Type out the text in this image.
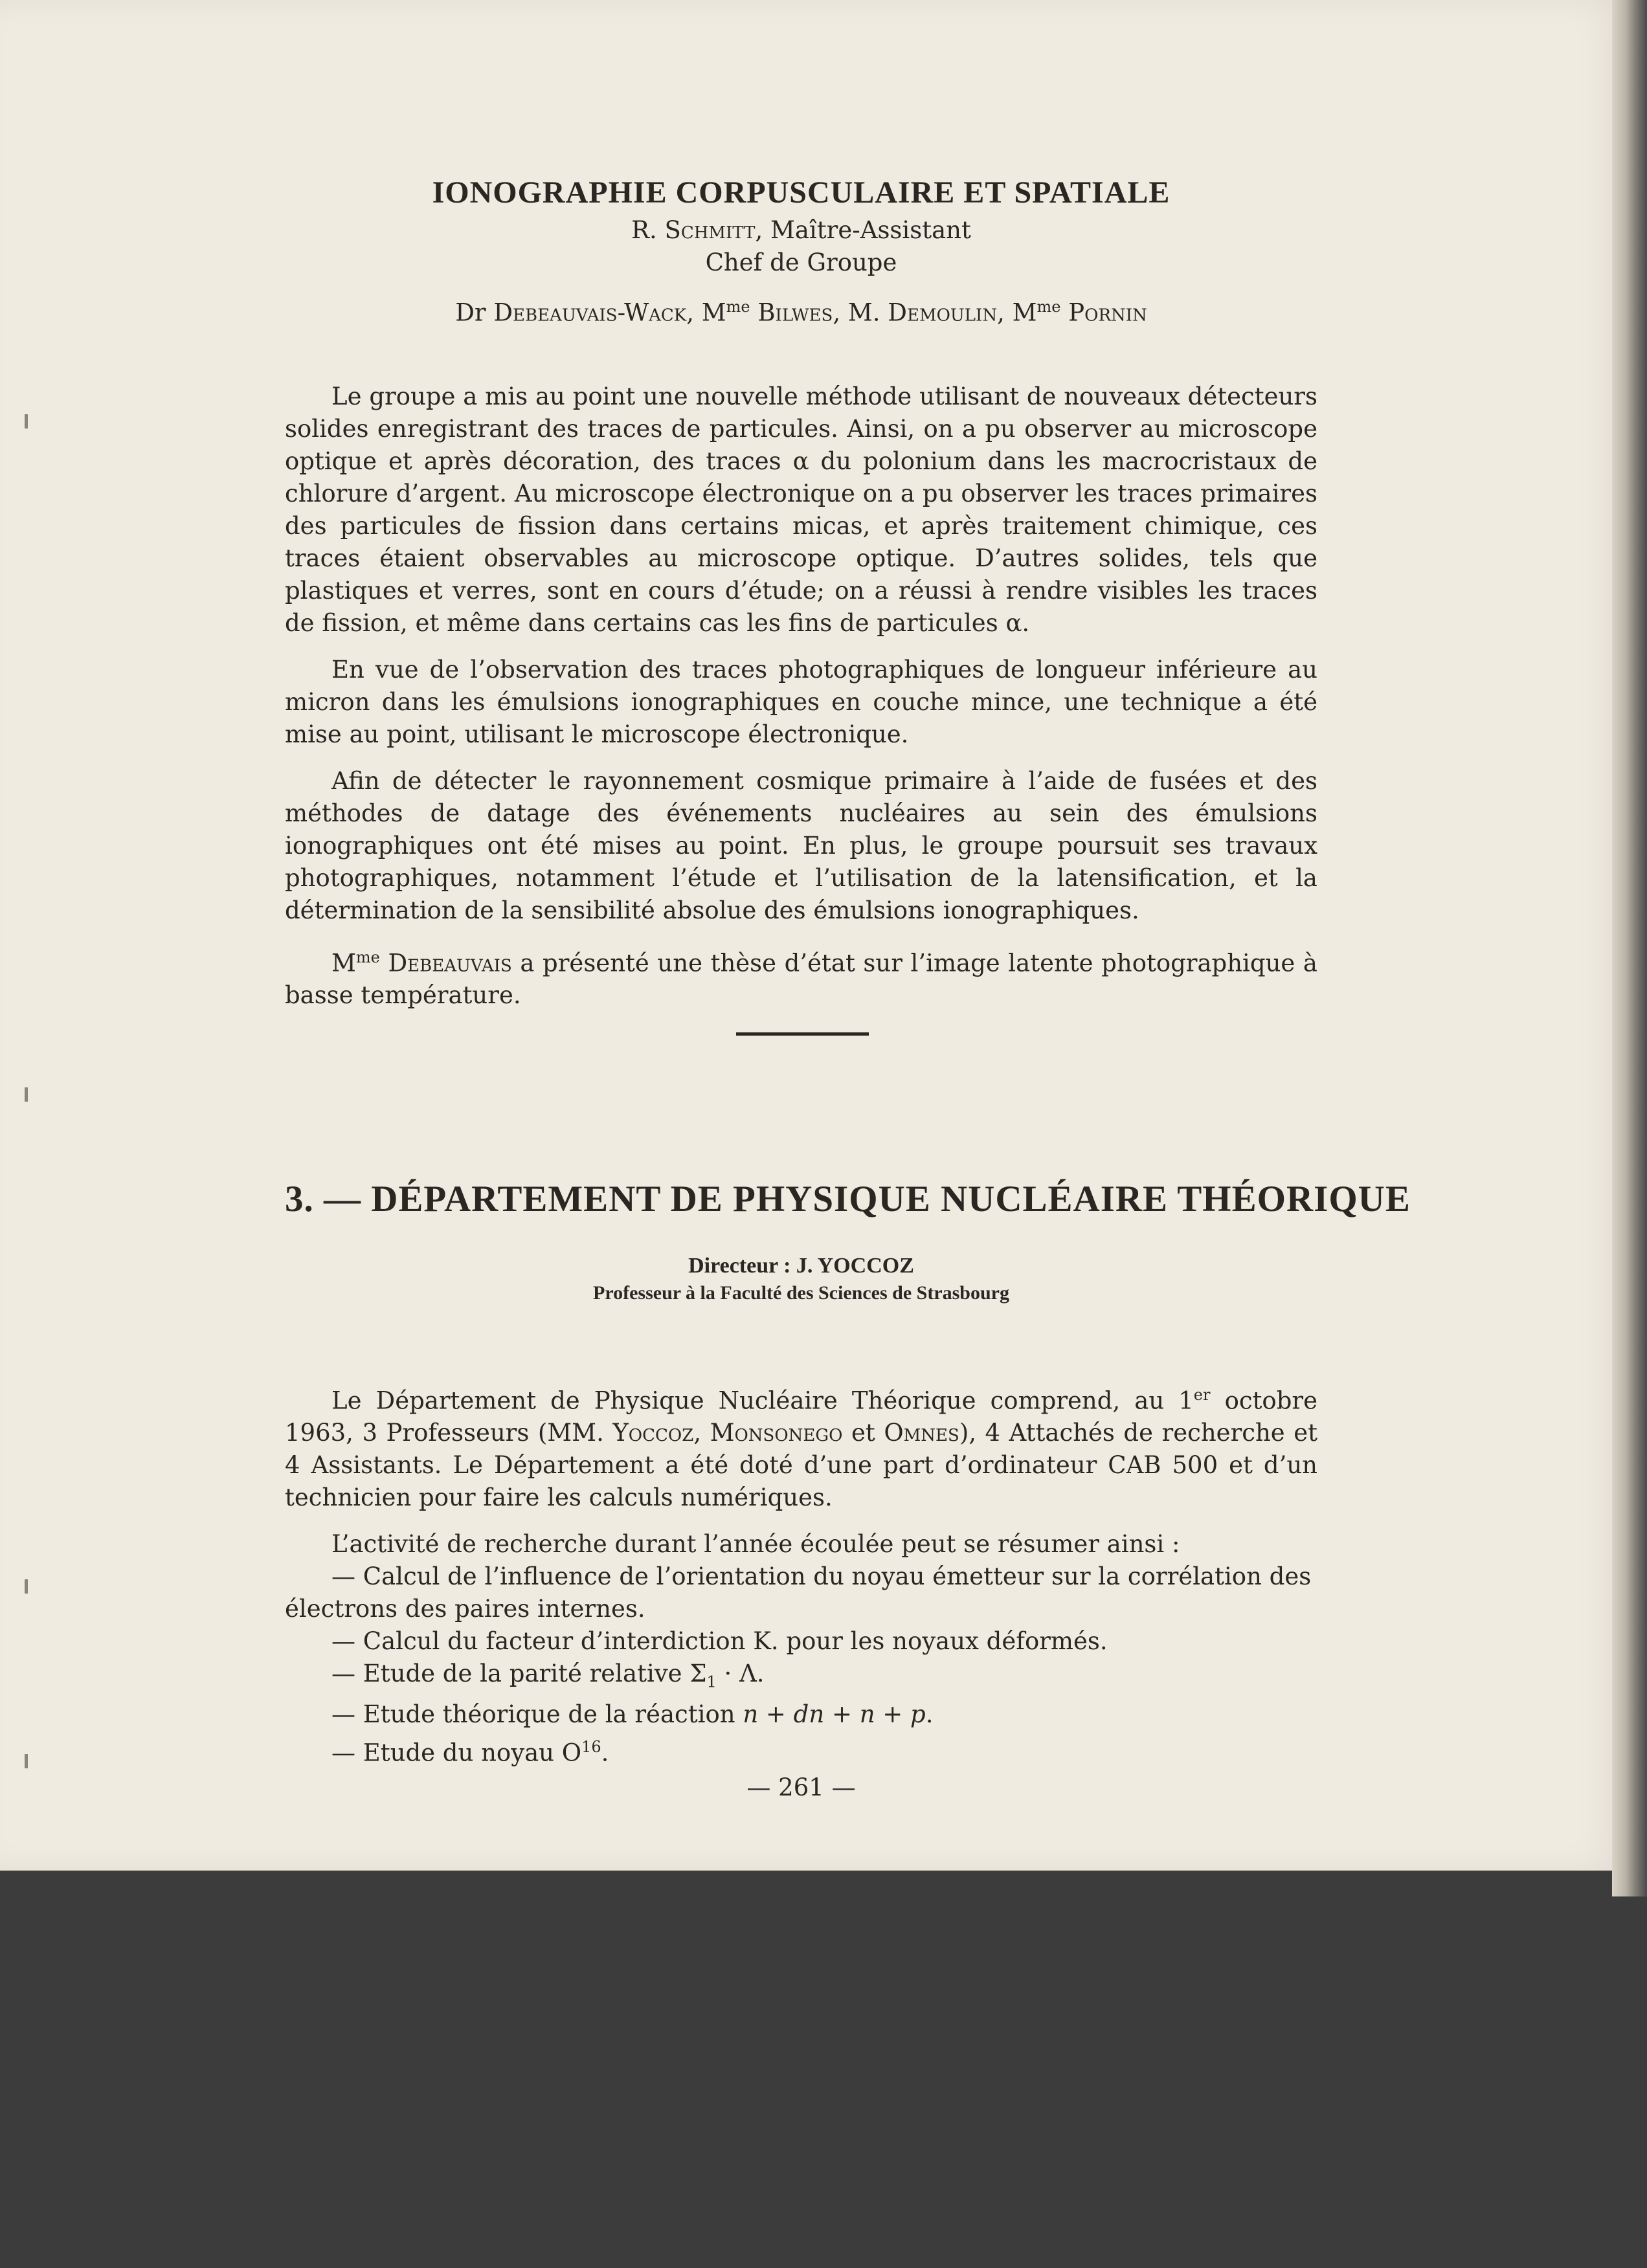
IONOGRAPHIE CORPUSCULAIRE ET SPATIALE
R. Schmitt, Maître-Assistant
Chef de Groupe
Dr Debeauvais-Wack, $M^{me}$ Bilwes, M. Demoulin, $M^{me}$ Pornin

Le groupe a mis au point une nouvelle méthode utilisant de nouveaux détecteurs solides enregistrant des traces de particules. Ainsi, on a pu observer au microscope optique et après décoration, des traces α du polonium dans les macrocristaux de chlorure d’argent. Au microscope électronique on a pu observer les traces primaires des particules de fission dans certains micas, et après traitement chimique, ces traces étaient observables au microscope optique. D’autres solides, tels que plastiques et verres, sont en cours d’étude; on a réussi à rendre visibles les traces de fission, et même dans certains cas les fins de particules α.

En vue de l’observation des traces photographiques de longueur inférieure au micron dans les émulsions ionographiques en couche mince, une technique a été mise au point, utilisant le microscope électronique.

Afin de détecter le rayonnement cosmique primaire à l’aide de fusées et des méthodes de datage des événements nucléaires au sein des émulsions ionographiques ont été mises au point. En plus, le groupe poursuit ses travaux photographiques, notamment l’étude et l’utilisation de la latensification, et la détermination de la sensibilité absolue des émulsions ionographiques.

$M^{me}$ Debeauvais a présenté une thèse d’état sur l’image latente photographique à basse température.

3. — DÉPARTEMENT DE PHYSIQUE NUCLÉAIRE THÉORIQUE
Directeur : J. YOCCOZ
Professeur à la Faculté des Sciences de Strasbourg

Le Département de Physique Nucléaire Théorique comprend, au 1er octobre 1963, 3 Professeurs (MM. Yoccoz, Monsonego et Omnes), 4 Attachés de recherche et 4 Assistants. Le Département a été doté d’une part d’ordinateur CAB 500 et d’un technicien pour faire les calculs numériques.

L’activité de recherche durant l’année écoulée peut se résumer ainsi :

— Calcul de l’influence de l’orientation du noyau émetteur sur la corrélation des

électrons des paires internes.

— Calcul du facteur d’interdiction K. pour les noyaux déformés.

— Etude de la parité relative $\Sigma_1 \cdot \Lambda$.

— Etude théorique de la réaction n + dn + n + p.

— Etude du noyau $O^{16}$.

— 261 —
